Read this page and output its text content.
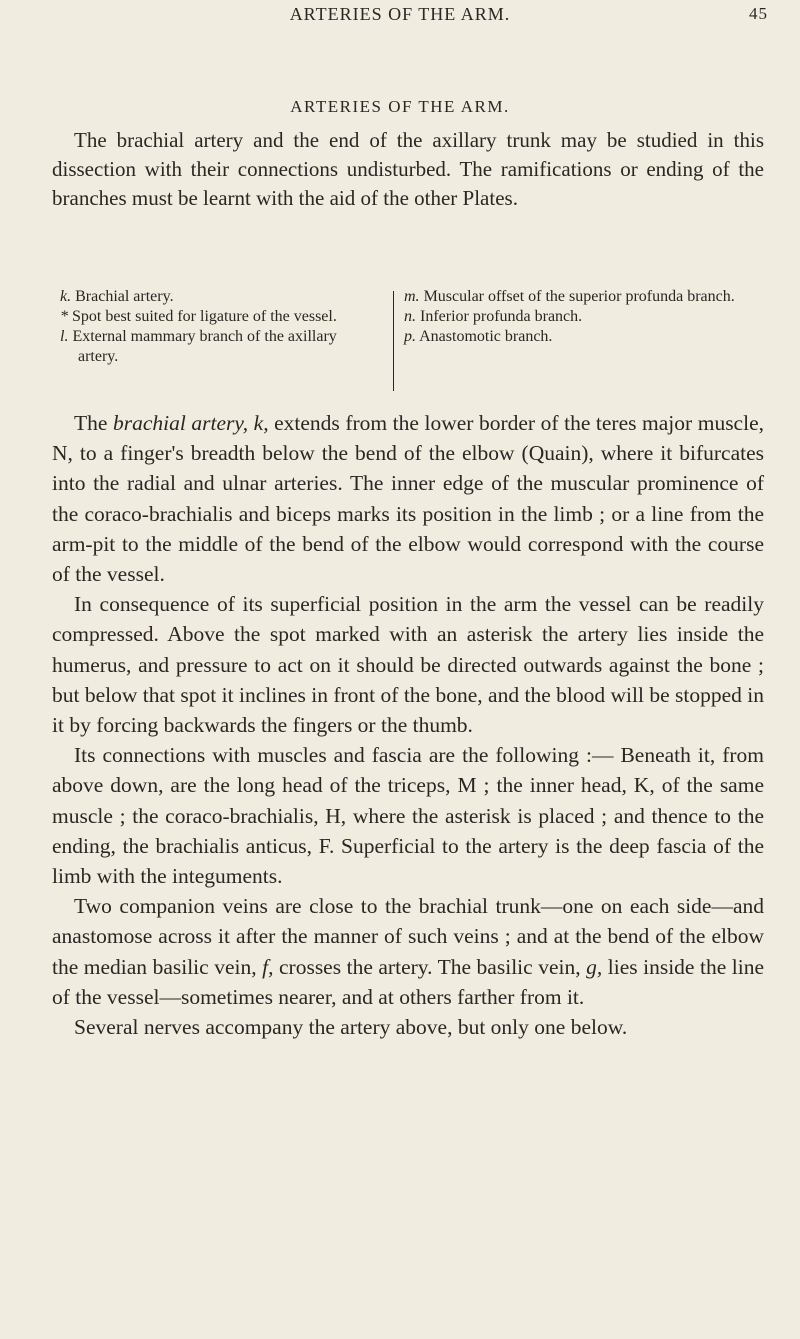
ARTERIES OF THE ARM.	45
ARTERIES OF THE ARM.

The brachial artery and the end of the axillary trunk may be studied in this dissection with their connections undisturbed. The ramifications or ending of the branches must be learnt with the aid of the other Plates.

k. Brachial artery.

* Spot best suited for ligature of the vessel.

l. External mammary branch of the axillary artery.

m. Muscular offset of the superior profunda branch.

n. Inferior profunda branch.

p. Anastomotic branch.

The brachial artery, k, extends from the lower border of the teres major muscle, N, to a finger's breadth below the bend of the elbow (Quain), where it bifurcates into the radial and ulnar arteries. The inner edge of the muscular prominence of the coraco-brachialis and biceps marks its position in the limb ; or a line from the arm-pit to the middle of the bend of the elbow would correspond with the course of the vessel.

In consequence of its superficial position in the arm the vessel can be readily compressed. Above the spot marked with an asterisk the artery lies inside the humerus, and pressure to act on it should be directed outwards against the bone ; but below that spot it inclines in front of the bone, and the blood will be stopped in it by forcing backwards the fingers or the thumb.

Its connections with muscles and fascia are the following :— Beneath it, from above down, are the long head of the triceps, M ; the inner head, K, of the same muscle ; the coraco-brachialis, H, where the asterisk is placed ; and thence to the ending, the brachialis anticus, F. Superficial to the artery is the deep fascia of the limb with the integuments.

Two companion veins are close to the brachial trunk—one on each side—and anastomose across it after the manner of such veins ; and at the bend of the elbow the median basilic vein, f, crosses the artery. The basilic vein, g, lies inside the line of the vessel—sometimes nearer, and at others farther from it.

Several nerves accompany the artery above, but only one below.
